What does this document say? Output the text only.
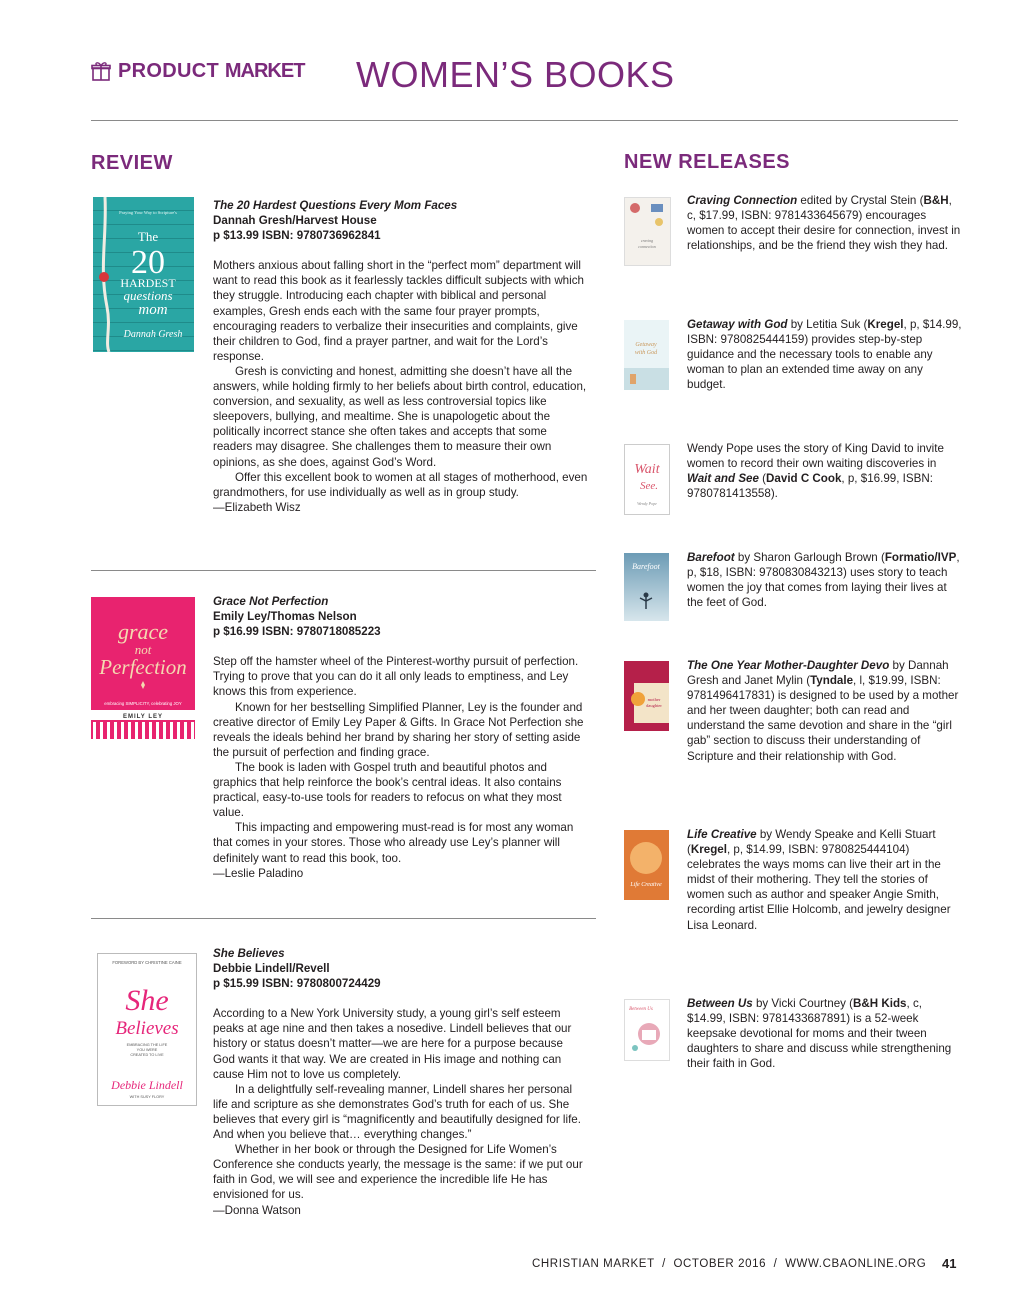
PRODUCT MARKET WOMEN’S BOOKS
REVIEW	NEW RELEASES
Praying Your Way to Scripture's
The
20
HARDEST
questions
mom
Dannah Gresh

The 20 Hardest Questions Every Mom Faces

Dannah Gresh/Harvest House

p $13.99 ISBN: 9780736962841

Mothers anxious about falling short in the “perfect mom” department will want to read this book as it fearlessly tackles difficult subjects with which they struggle. Introducing each chapter with biblical and personal examples, Gresh ends each with the same four prayer prompts, encouraging readers to verbalize their insecurities and complaints, give their children to God, find a prayer partner, and wait for the Lord’s response.

Gresh is convicting and honest, admitting she doesn’t have all the answers, while holding firmly to her beliefs about birth control, education, conversion, and sexuality, as well as less controversial topics like sleepovers, bullying, and mealtime. She is unapologetic about the politically incorrect stance she often takes and accepts that some readers may disagree. She challenges them to measure their own opinions, as she does, against God’s Word.

Offer this excellent book to women at all stages of motherhood, even grandmothers, for use individually as well as in group study.

—Elizabeth Wisz

grace
not
Perfection
embracing SIMPLICITY, celebrating JOY
EMILY LEY

Grace Not Perfection

Emily Ley/Thomas Nelson

p $16.99 ISBN: 9780718085223

Step off the hamster wheel of the Pinterest-worthy pursuit of perfection. Trying to prove that you can do it all only leads to emptiness, and Ley knows this from experience.

Known for her bestselling Simplified Planner, Ley is the founder and creative director of Emily Ley Paper & Gifts. In Grace Not Perfection she reveals the ideals behind her brand by sharing her story of setting aside the pursuit of perfection and finding grace.

The book is laden with Gospel truth and beautiful photos and graphics that help reinforce the book’s central ideas. It also contains practical, easy-to-use tools for readers to refocus on what they most value.

This impacting and empowering must-read is for most any woman that comes in your stores. Those who already use Ley’s planner will definitely want to read this book, too.

—Leslie Paladino

FOREWORD BY CHRISTINE CAINE
She
Believes
EMBRACING THE LIFE
YOU WERE
CREATED TO LIVE
Debbie Lindell
WITH SUSY FLORY

She Believes

Debbie Lindell/Revell

p $15.99 ISBN: 9780800724429

According to a New York University study, a young girl’s self esteem peaks at age nine and then takes a nosedive. Lindell believes that our history or status doesn’t matter—we are here for a purpose because God wants it that way. We are created in His image and nothing can cause Him not to love us completely.

In a delightfully self-revealing manner, Lindell shares her personal life and scripture as she demonstrates God’s truth for each of us. She believes that every girl is “magnificently and beautifully designed for life. And when you believe that… everything changes.”

Whether in her book or through the Designed for Life Women’s Conference she conducts yearly, the message is the same: if we put our faith in God, we will see and experience the incredible life He has envisioned for us.

—Donna Watson

craving
connection
Getaway
with God
Wait
See.
Wendy Pope
Barefoot
mother
daughter
Life Creative
Between Us
Craving Connection edited by Crystal Stein (B&H, c, $17.99, ISBN: 9781433645679) encourages women to accept their desire for connection, invest in relationships, and be the friend they wish they had.
Getaway with God by Letitia Suk (Kregel, p, $14.99, ISBN: 9780825444159) provides step-by-step guidance and the necessary tools to enable any woman to plan an extended time away on any budget.
Wendy Pope uses the story of King David to invite women to record their own waiting discoveries in Wait and See (David C Cook, p, $16.99, ISBN: 9780781413558).
Barefoot by Sharon Garlough Brown (Formatio/IVP, p, $18, ISBN: 9780830843213) uses story to teach women the joy that comes from laying their lives at the feet of God.
The One Year Mother-Daughter Devo by Dannah Gresh and Janet Mylin (Tyndale, l, $19.99, ISBN: 9781496417831) is designed to be used by a mother and her tween daughter; both can read and understand the same devotion and share in the “girl gab” section to discuss their understanding of Scripture and their relationship with God.
Life Creative by Wendy Speake and Kelli Stuart (Kregel, p, $14.99, ISBN: 9780825444104) celebrates the ways moms can live their art in the midst of their mothering. They tell the stories of women such as author and speaker Angie Smith, recording artist Ellie Holcomb, and jewelry designer Lisa Leonard.
Between Us by Vicki Courtney (B&H Kids, c, $14.99, ISBN: 9781433687891) is a 52-week keepsake devotional for moms and their tween daughters to share and discuss while strengthening their faith in God.
CHRISTIAN MARKET  /  OCTOBER 2016  /  WWW.CBAONLINE.ORG 41
